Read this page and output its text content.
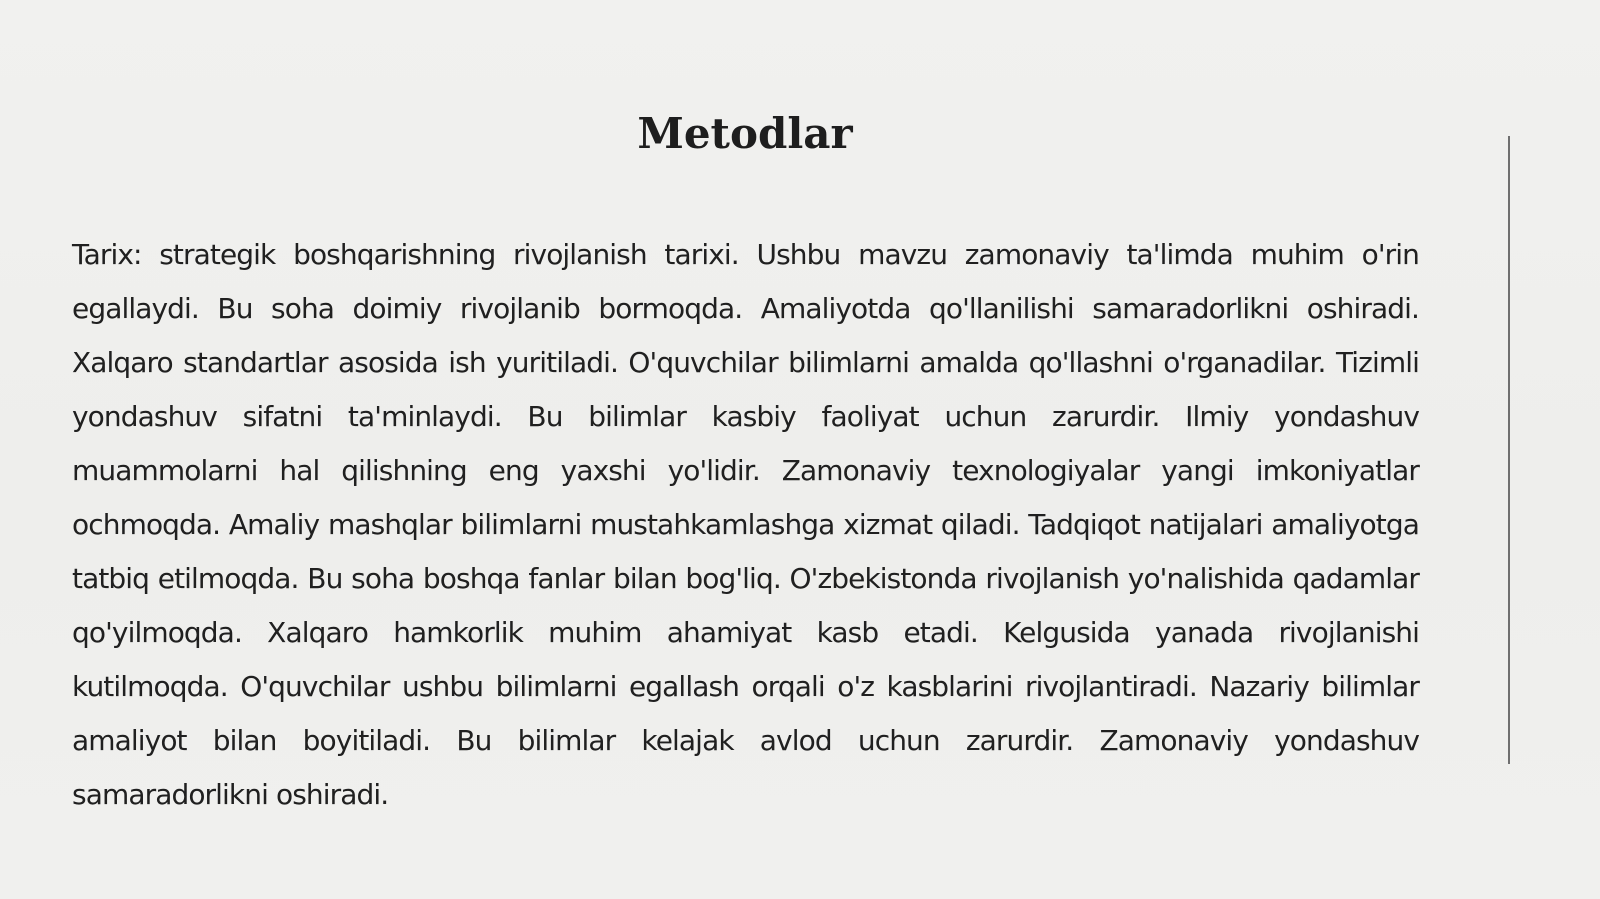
Metodlar

Tarix: strategik boshqarishning rivojlanish tarixi. Ushbu mavzu zamonaviy ta'limda muhim o'rin egallaydi. Bu soha doimiy rivojlanib bormoqda. Amaliyotda qo'llanilishi samaradorlikni oshiradi. Xalqaro standartlar asosida ish yuritiladi. O'quvchilar bilimlarni amalda qo'llashni o'rganadilar. Tizimli yondashuv sifatni ta'minlaydi. Bu bilimlar kasbiy faoliyat uchun zarurdir. Ilmiy yondashuv muammolarni hal qilishning eng yaxshi yo'lidir. Zamonaviy texnologiyalar yangi imkoniyatlar ochmoqda. Amaliy mashqlar bilimlarni mustahkamlashga xizmat qiladi. Tadqiqot natijalari amaliyotga tatbiq etilmoqda. Bu soha boshqa fanlar bilan bog'liq. O'zbekistonda rivojlanish yo'nalishida qadamlar qo'yilmoqda. Xalqaro hamkorlik muhim ahamiyat kasb etadi. Kelgusida yanada rivojlanishi kutilmoqda. O'quvchilar ushbu bilimlarni egallash orqali o'z kasblarini rivojlantiradi. Nazariy bilimlar amaliyot bilan boyitiladi. Bu bilimlar kelajak avlod uchun zarurdir. Zamonaviy yondashuv samaradorlikni oshiradi.
